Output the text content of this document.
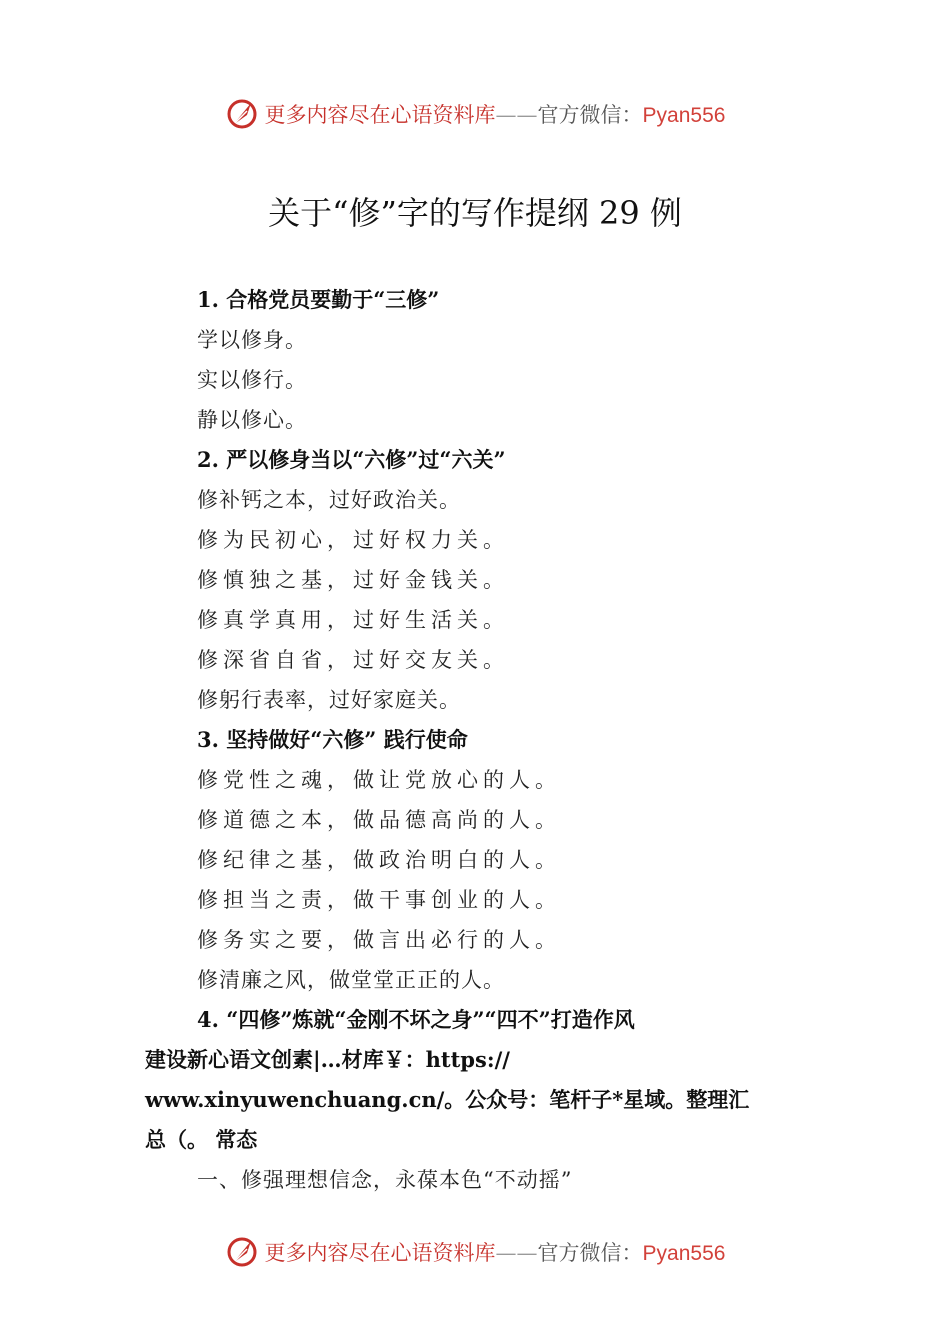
更多内容尽在心语资料库——官方微信：Pyan556
关于“修”字的写作提纲 29 例
1. 合格党员要勤于“三修”
学以修身。
实以修行。
静以修心。
2. 严以修身当以“六修”过“六关”
修补钙之本，过好政治关。
修为民初心，过好权力关。
修慎独之基，过好金钱关。
修真学真用，过好生活关。
修深省自省，过好交友关。
修躬行表率，过好家庭关。
3. 坚持做好“六修” 践行使命
修党性之魂，做让党放心的人。
修道德之本，做品德高尚的人。
修纪律之基，做政治明白的人。
修担当之责，做干事创业的人。
修务实之要，做言出必行的人。
修清廉之风，做堂堂正正的人。
4. “四修”炼就“金刚不坏之身”“四不”打造作风
建设新心语文创素|…材库￥：https://
www.xinyuwenchuang.cn/。公众号：笔杆子*星域。整理汇
总（。 常态
一、修强理想信念，永葆本色“不动摇”
更多内容尽在心语资料库——官方微信：Pyan556
